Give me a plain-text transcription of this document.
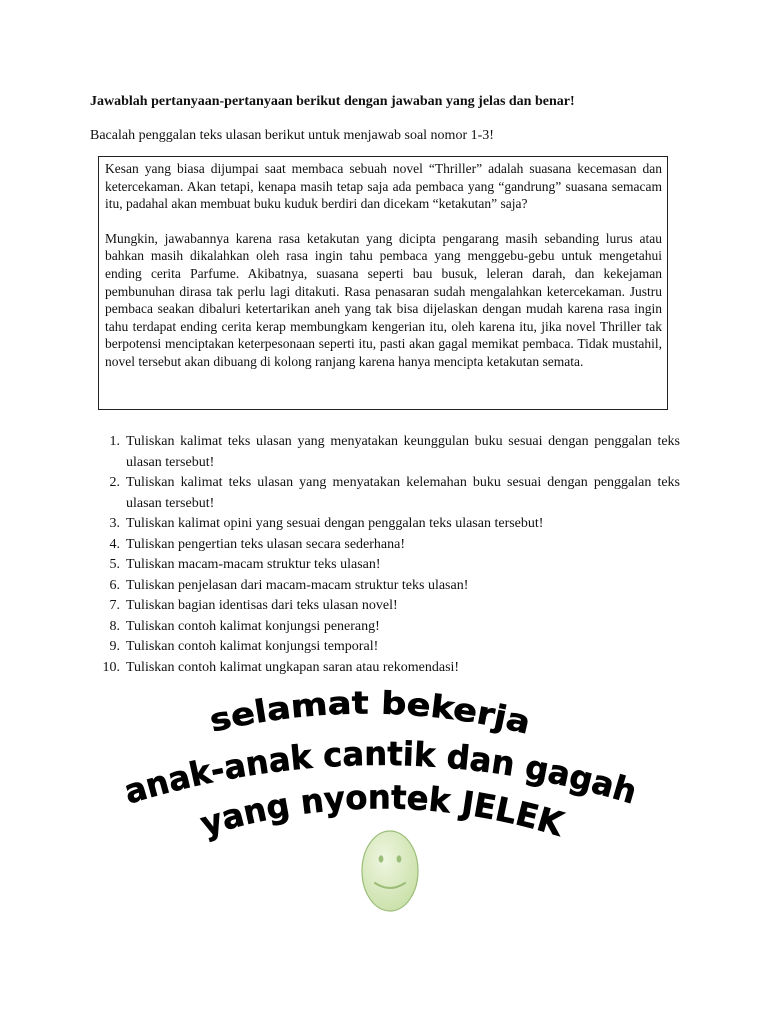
Jawablah pertanyaan-pertanyaan berikut dengan jawaban yang jelas dan benar!
Bacalah penggalan teks ulasan berikut untuk menjawab soal nomor 1-3!

Kesan yang biasa dijumpai saat membaca sebuah novel “Thriller” adalah suasana kecemasan dan ketercekaman. Akan tetapi, kenapa masih tetap saja ada pembaca yang “gandrung” suasana semacam itu, padahal akan membuat buku kuduk berdiri dan dicekam “ketakutan” saja?

Mungkin, jawabannya karena rasa ketakutan yang dicipta pengarang masih sebanding lurus atau bahkan masih dikalahkan oleh rasa ingin tahu pembaca yang menggebu-gebu untuk mengetahui ending cerita Parfume. Akibatnya, suasana seperti bau busuk, leleran darah, dan kekejaman pembunuhan dirasa tak perlu lagi ditakuti. Rasa penasaran sudah mengalahkan ketercekaman. Justru pembaca seakan dibaluri ketertarikan aneh yang tak bisa dijelaskan dengan mudah karena rasa ingin tahu terdapat ending cerita kerap membungkam kengerian itu, oleh karena itu, jika novel Thriller tak berpotensi menciptakan keterpesonaan seperti itu, pasti akan gagal memikat pembaca. Tidak mustahil, novel tersebut akan dibuang di kolong ranjang karena hanya mencipta ketakutan semata.

1. Tuliskan kalimat teks ulasan yang menyatakan keunggulan buku sesuai dengan penggalan teks ulasan tersebut!
2. Tuliskan kalimat teks ulasan yang menyatakan kelemahan buku sesuai dengan penggalan teks ulasan tersebut!
3. Tuliskan kalimat opini yang sesuai dengan penggalan teks ulasan tersebut!
4. Tuliskan pengertian teks ulasan secara sederhana!
5. Tuliskan macam-macam struktur teks ulasan!
6. Tuliskan penjelasan dari macam-macam struktur teks ulasan!
7. Tuliskan bagian identisas dari teks ulasan novel!
8. Tuliskan contoh kalimat konjungsi penerang!
9. Tuliskan contoh kalimat konjungsi temporal!
10. Tuliskan contoh kalimat ungkapan saran atau rekomendasi!
selamat bekerja
anak-anak cantik dan gagah
yang nyontek JELEK
